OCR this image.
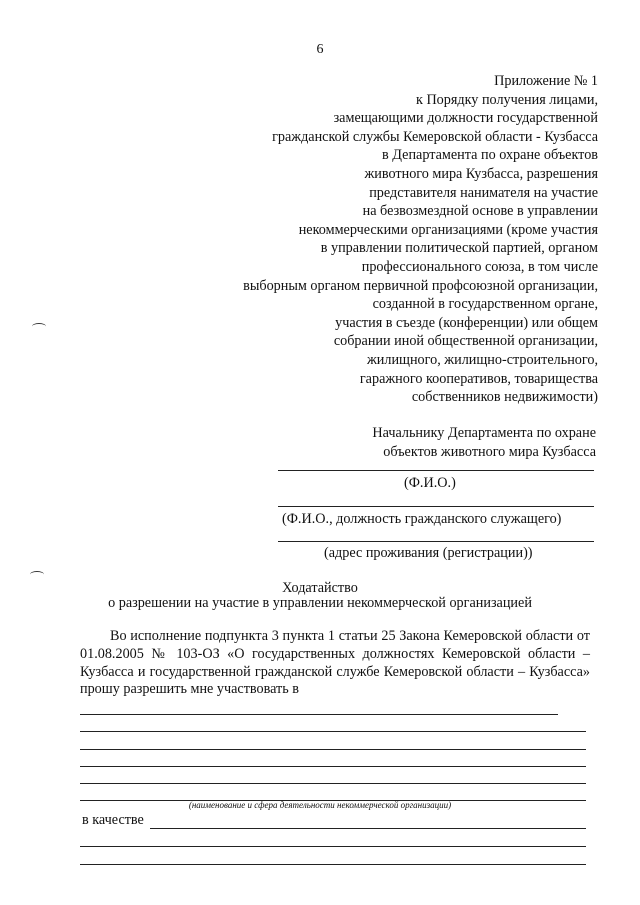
6
Приложение № 1
к Порядку получения лицами,
замещающими должности государственной
гражданской службы Кемеровской области - Кузбасса
в Департамента по охране объектов
животного мира Кузбасса, разрешения
представителя нанимателя на участие
на безвозмездной основе в управлении
некоммерческими организациями (кроме участия
в управлении политической партией, органом
профессионального союза, в том числе
выборным органом первичной профсоюзной организации,
созданной в государственном органе,
участия в съезде (конференции) или общем
собрании иной общественной организации,
жилищного, жилищно-строительного,
гаражного кооперативов, товарищества
собственников недвижимости)
Начальнику Департамента по охране
объектов животного мира Кузбасса
(Ф.И.О.)
(Ф.И.О., должность гражданского служащего)
(адрес проживания (регистрации))
Ходатайство
о разрешении на участие в управлении некоммерческой организацией
Во исполнение подпункта 3 пункта 1 статьи 25 Закона Кемеровской области от 01.08.2005 № 103-ОЗ «О государственных должностях Кемеровской области – Кузбасса и государственной гражданской службе Кемеровской области – Кузбасса» прошу разрешить мне участвовать в
(наименование и сфера деятельности некоммерческой организации)
в качестве
